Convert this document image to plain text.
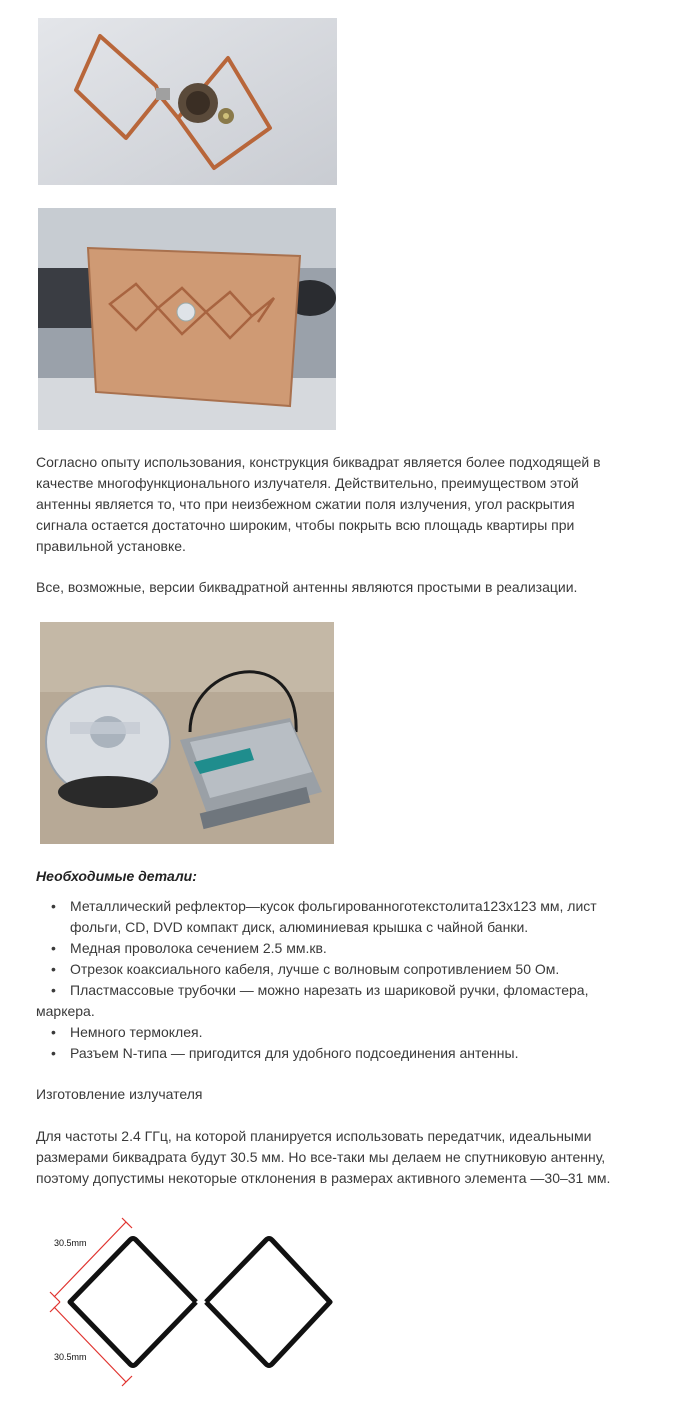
Согласно опыту использования, конструкция биквадрат является более подходящей в
качестве многофункционального излучателя. Действительно, преимуществом этой
антенны является то, что при неизбежном сжатии поля излучения, угол раскрытия
сигнала остается достаточно широким, чтобы покрыть всю площадь квартиры при
правильной установке.

Все, возможные, версии биквадратной антенны являются простыми в реализации.

Необходимые детали:
•	Металлический рефлектор—кусок фольгированноготекстолита123х123 мм, лист
фольги, CD, DVD компакт диск, алюминиевая крышка с чайной банки.
•	Медная проволока сечением 2.5 мм.кв.
•	Отрезок коаксиального кабеля, лучше с волновым сопротивлением 50 Ом.
•	Пластмассовые трубочки — можно нарезать из шариковой ручки, фломастера,
маркера.
•	Немного термоклея.
•	Разъем N-типа — пригодится для удобного подсоединения антенны.
Изготовление излучателя

Для частоты 2.4 ГГц, на которой планируется использовать передатчик, идеальными
размерами биквадрата будут 30.5 мм. Но все-таки мы делаем не спутниковую антенну,
поэтому допустимы некоторые отклонения в размерах активного элемента —30–31 мм.

30.5mm
30.5mm
